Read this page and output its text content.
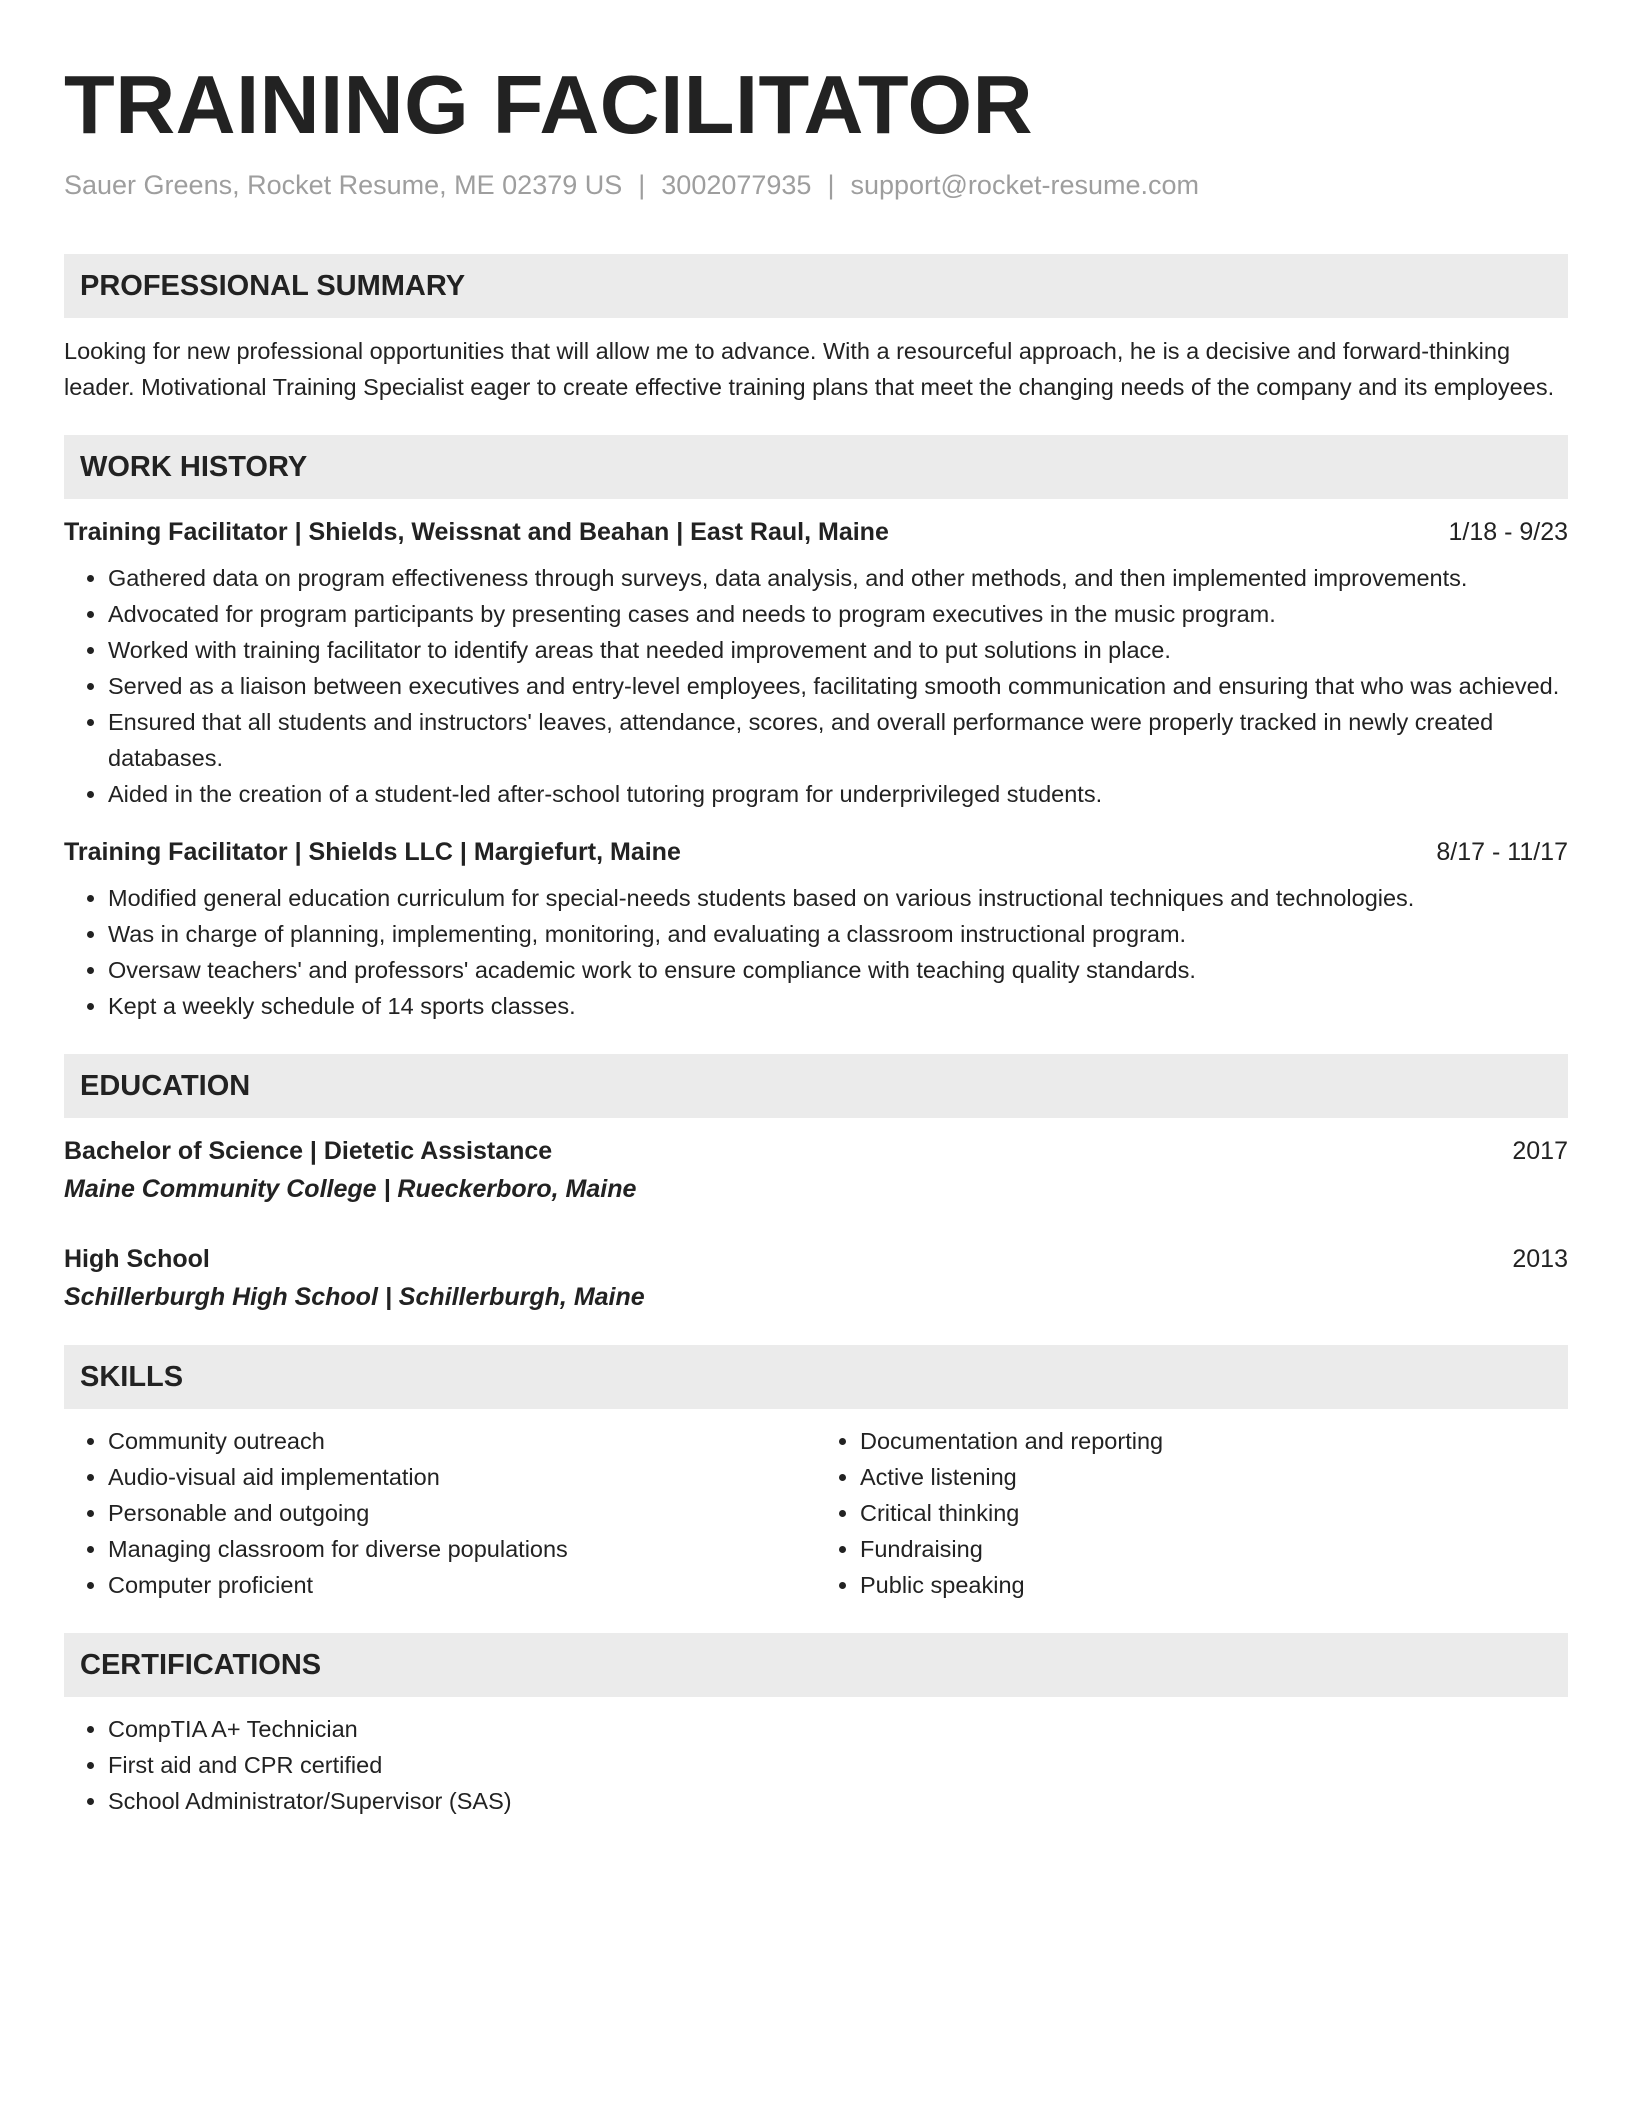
TRAINING FACILITATOR
Sauer Greens, Rocket Resume, ME 02379 US | 3002077935 | support@rocket-resume.com
PROFESSIONAL SUMMARY

Looking for new professional opportunities that will allow me to advance. With a resourceful approach, he is a decisive and forward-thinking leader. Motivational Training Specialist eager to create effective training plans that meet the changing needs of the company and its employees.

WORK HISTORY
Training Facilitator | Shields, Weissnat and Beahan | East Raul, Maine	1/18 - 9/23
• Gathered data on program effectiveness through surveys, data analysis, and other methods, and then implemented improvements.
• Advocated for program participants by presenting cases and needs to program executives in the music program.
• Worked with training facilitator to identify areas that needed improvement and to put solutions in place.
• Served as a liaison between executives and entry-level employees, facilitating smooth communication and ensuring that who was achieved.
• Ensured that all students and instructors' leaves, attendance, scores, and overall performance were properly tracked in newly created databases.
• Aided in the creation of a student-led after-school tutoring program for underprivileged students.
Training Facilitator | Shields LLC | Margiefurt, Maine	8/17 - 11/17
• Modified general education curriculum for special-needs students based on various instructional techniques and technologies.
• Was in charge of planning, implementing, monitoring, and evaluating a classroom instructional program.
• Oversaw teachers' and professors' academic work to ensure compliance with teaching quality standards.
• Kept a weekly schedule of 14 sports classes.
EDUCATION
Bachelor of Science | Dietetic Assistance	2017
Maine Community College | Rueckerboro, Maine
High School	2013
Schillerburgh High School | Schillerburgh, Maine
SKILLS
• Community outreach
• Audio-visual aid implementation
• Personable and outgoing
• Managing classroom for diverse populations
• Computer proficient
• Documentation and reporting
• Active listening
• Critical thinking
• Fundraising
• Public speaking
CERTIFICATIONS
• CompTIA A+ Technician
• First aid and CPR certified
• School Administrator/Supervisor (SAS)
